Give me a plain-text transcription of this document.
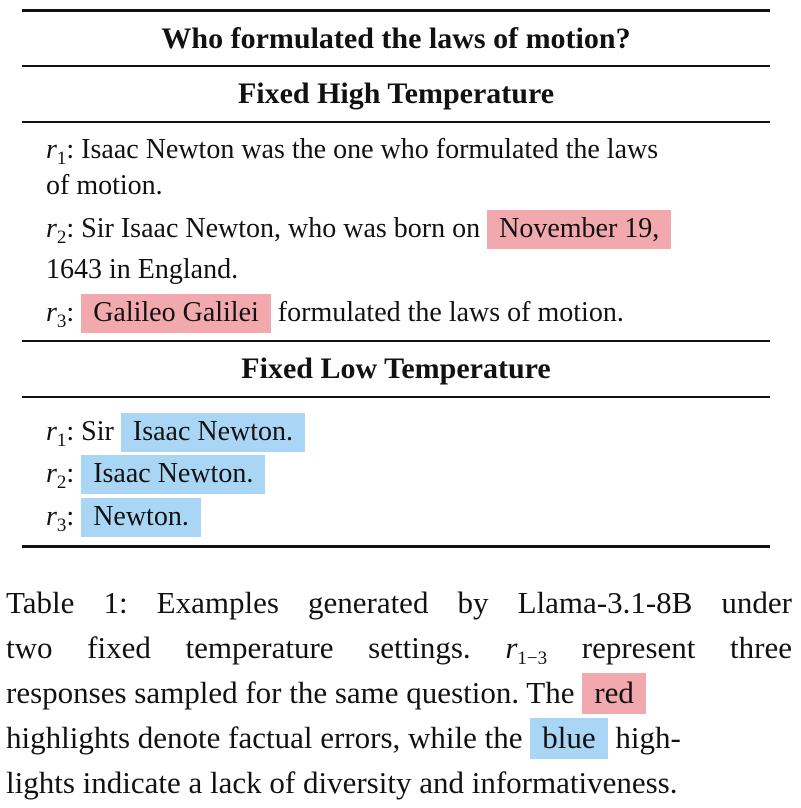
Who formulated the laws of motion?
Fixed High Temperature
$r_1$: Isaac Newton was the one who formulated the laws
of motion.
$r_2$: Sir Isaac Newton, who was born on November 19,
1643 in England.
$r_3$: Galileo Galilei formulated the laws of motion.
Fixed Low Temperature
$r_1$: Sir Isaac Newton.
$r_2$: Isaac Newton.
$r_3$: Newton.
Table 1: Examples generated by Llama-3.1-8B under
two fixed temperature settings. $r_{1-3}$ represent three
responses sampled for the same question. The red
highlights denote factual errors, while the blue high-
lights indicate a lack of diversity and informativeness.
